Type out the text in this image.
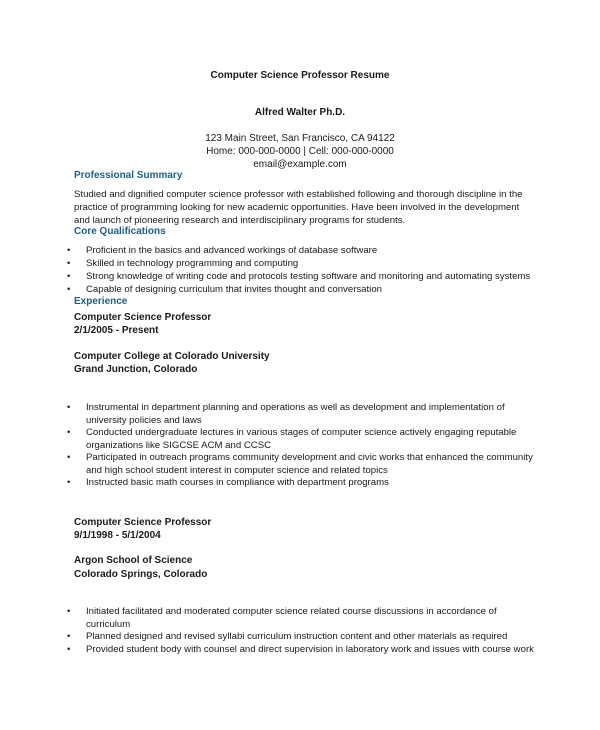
Computer Science Professor Resume
Alfred Walter Ph.D.
123 Main Street, San Francisco, CA 94122
Home: 000-000-0000 | Cell: 000-000-0000
email@example.com
Professional Summary
Studied and dignified computer science professor with established following and thorough discipline in the practice of programming looking for new academic opportunities. Have been involved in the development and launch of pioneering research and interdisciplinary programs for students.
Core Qualifications
• Proficient in the basics and advanced workings of database software
• Skilled in technology programming and computing
• Strong knowledge of writing code and protocols testing software and monitoring and automating systems
• Capable of designing curriculum that invites thought and conversation
Experience
Computer Science Professor
2/1/2005 - Present
Computer College at Colorado University
Grand Junction, Colorado
• Instrumental in department planning and operations as well as development and implementation of university policies and laws
• Conducted undergraduate lectures in various stages of computer science actively engaging reputable organizations like SIGCSE ACM and CCSC
• Participated in outreach programs community development and civic works that enhanced the community and high school student interest in computer science and related topics
• Instructed basic math courses in compliance with department programs
Computer Science Professor
9/1/1998 - 5/1/2004
Argon School of Science
Colorado Springs, Colorado
• Initiated facilitated and moderated computer science related course discussions in accordance of curriculum
• Planned designed and revised syllabi curriculum instruction content and other materials as required
• Provided student body with counsel and direct supervision in laboratory work and issues with course work
